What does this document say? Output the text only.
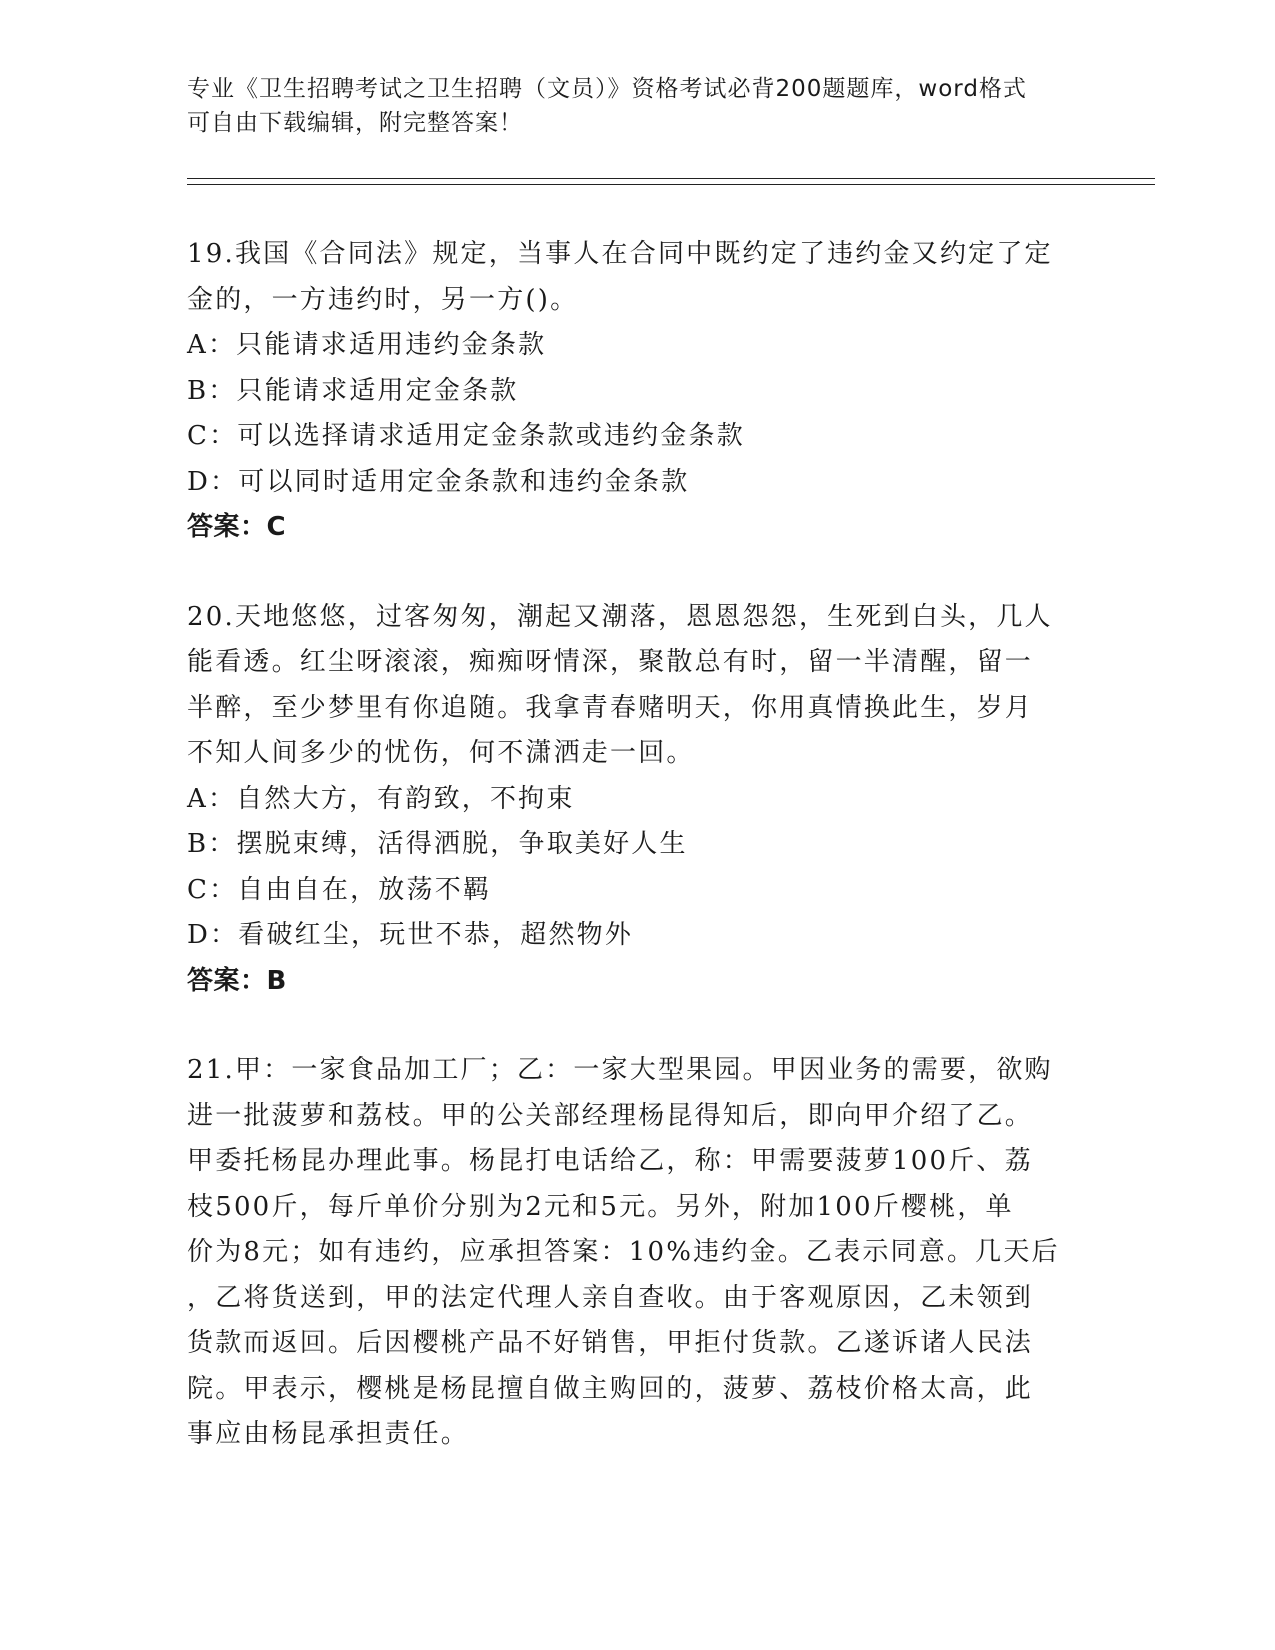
专业《卫生招聘考试之卫生招聘（文员）》资格考试必背200题题库，word格式
可自由下载编辑，附完整答案！
19.我国《合同法》规定，当事人在合同中既约定了违约金又约定了定
金的，一方违约时，另一方()。
A：只能请求适用违约金条款
B：只能请求适用定金条款
C：可以选择请求适用定金条款或违约金条款
D：可以同时适用定金条款和违约金条款
答案：C
20.天地悠悠，过客匆匆，潮起又潮落，恩恩怨怨，生死到白头，几人
能看透。红尘呀滚滚，痴痴呀情深，聚散总有时，留一半清醒，留一
半醉，至少梦里有你追随。我拿青春赌明天，你用真情换此生，岁月
不知人间多少的忧伤，何不潇洒走一回。
A：自然大方，有韵致，不拘束
B：摆脱束缚，活得洒脱，争取美好人生
C：自由自在，放荡不羁
D：看破红尘，玩世不恭，超然物外
答案：B
21.甲：一家食品加工厂；乙：一家大型果园。甲因业务的需要，欲购
进一批菠萝和荔枝。甲的公关部经理杨昆得知后，即向甲介绍了乙。
甲委托杨昆办理此事。杨昆打电话给乙，称：甲需要菠萝100斤、荔
枝500斤，每斤单价分别为2元和5元。另外，附加100斤樱桃，单
价为8元；如有违约，应承担答案：10%违约金。乙表示同意。几天后
，乙将货送到，甲的法定代理人亲自查收。由于客观原因，乙未领到
货款而返回。后因樱桃产品不好销售，甲拒付货款。乙遂诉诸人民法
院。甲表示，樱桃是杨昆擅自做主购回的，菠萝、荔枝价格太高，此
事应由杨昆承担责任。
